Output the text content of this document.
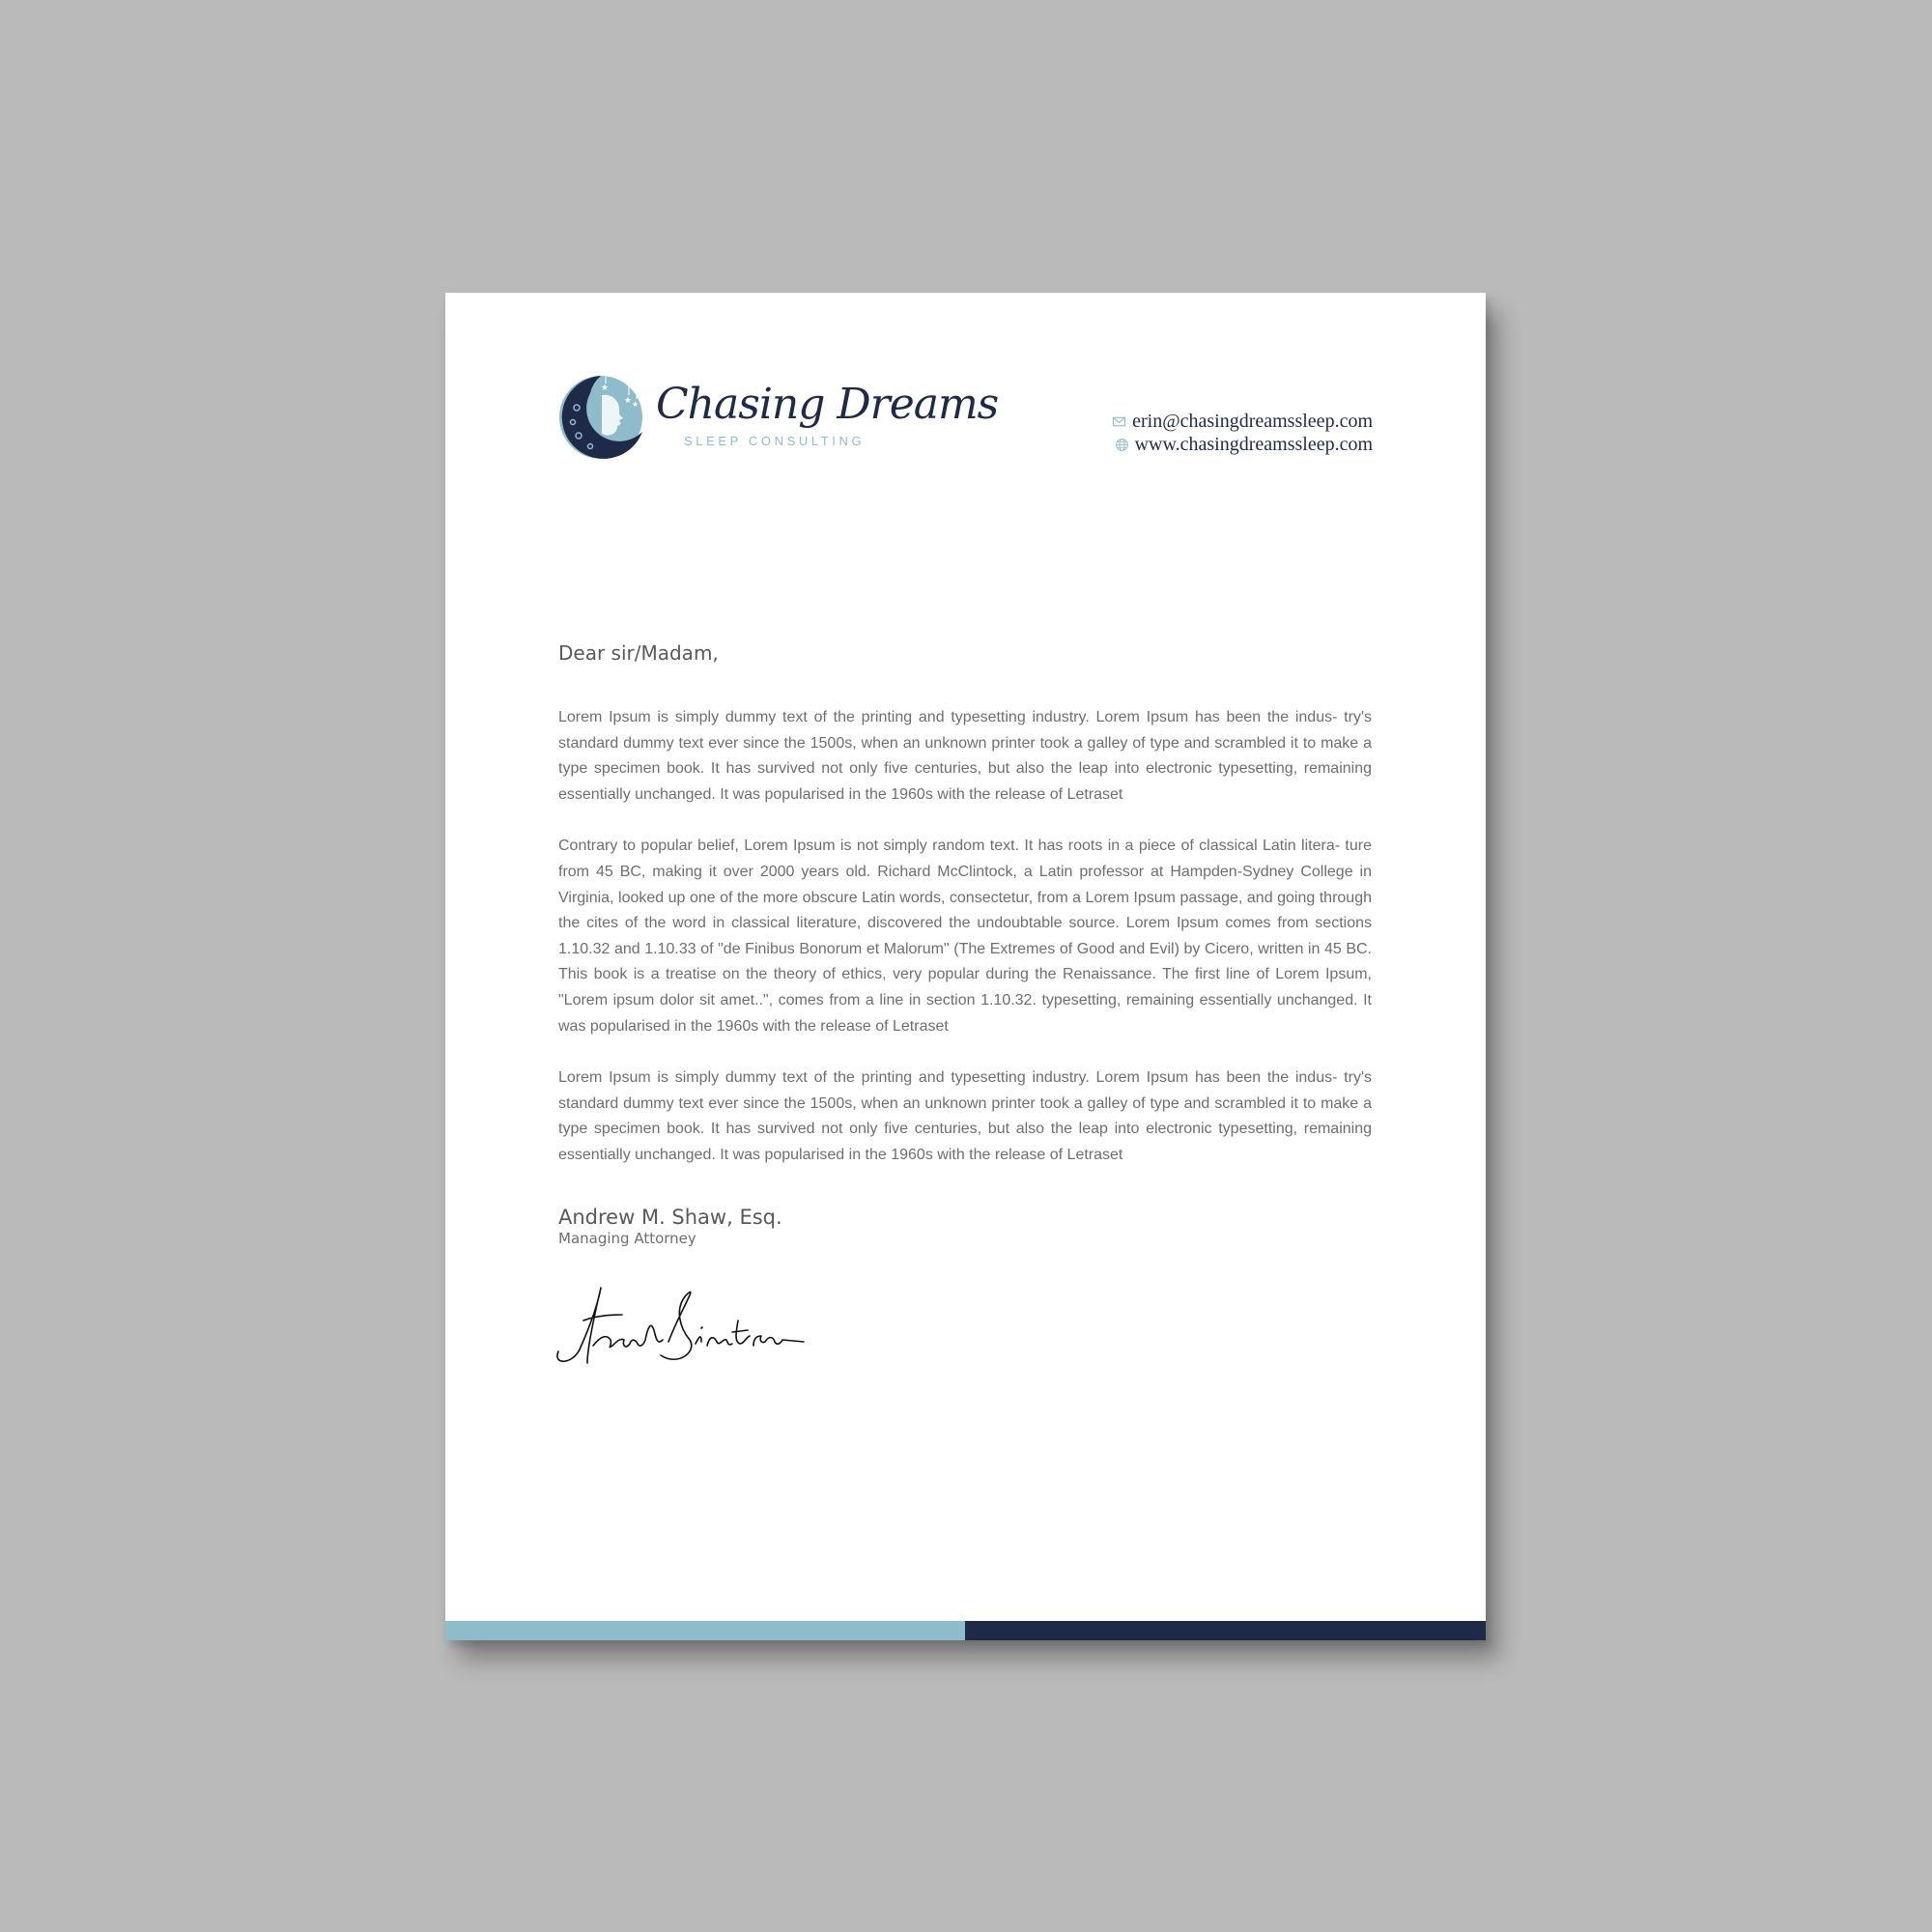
★
★ ★ Chasing Dreams
SLEEP CONSULTING
erin@chasingdreamssleep.com
www.chasingdreamssleep.com
Dear sir/Madam,

Lorem Ipsum is simply dummy text of the printing and typesetting industry. Lorem Ipsum has been the indus- try's standard dummy text ever since the 1500s, when an unknown printer took a galley of type and scrambled it to make a type specimen book. It has survived not only five centuries, but also the leap into electronic typesetting, remaining essentially unchanged. It was popularised in the 1960s with the release of Letraset

Contrary to popular belief, Lorem Ipsum is not simply random text. It has roots in a piece of classical Latin litera- ture from 45 BC, making it over 2000 years old. Richard McClintock, a Latin professor at Hampden-Sydney College in Virginia, looked up one of the more obscure Latin words, consectetur, from a Lorem Ipsum passage, and going through the cites of the word in classical literature, discovered the undoubtable source. Lorem Ipsum comes from sections 1.10.32 and 1.10.33 of "de Finibus Bonorum et Malorum" (The Extremes of Good and Evil) by Cicero, written in 45 BC. This book is a treatise on the theory of ethics, very popular during the Renaissance. The first line of Lorem Ipsum, "Lorem ipsum dolor sit amet..", comes from a line in section 1.10.32. typesetting, remaining essentially unchanged. It was popularised in the 1960s with the release of Letraset

Lorem Ipsum is simply dummy text of the printing and typesetting industry. Lorem Ipsum has been the indus- try's standard dummy text ever since the 1500s, when an unknown printer took a galley of type and scrambled it to make a type specimen book. It has survived not only five centuries, but also the leap into electronic typesetting, remaining essentially unchanged. It was popularised in the 1960s with the release of Letraset

Andrew M. Shaw, Esq.
Managing Attorney
